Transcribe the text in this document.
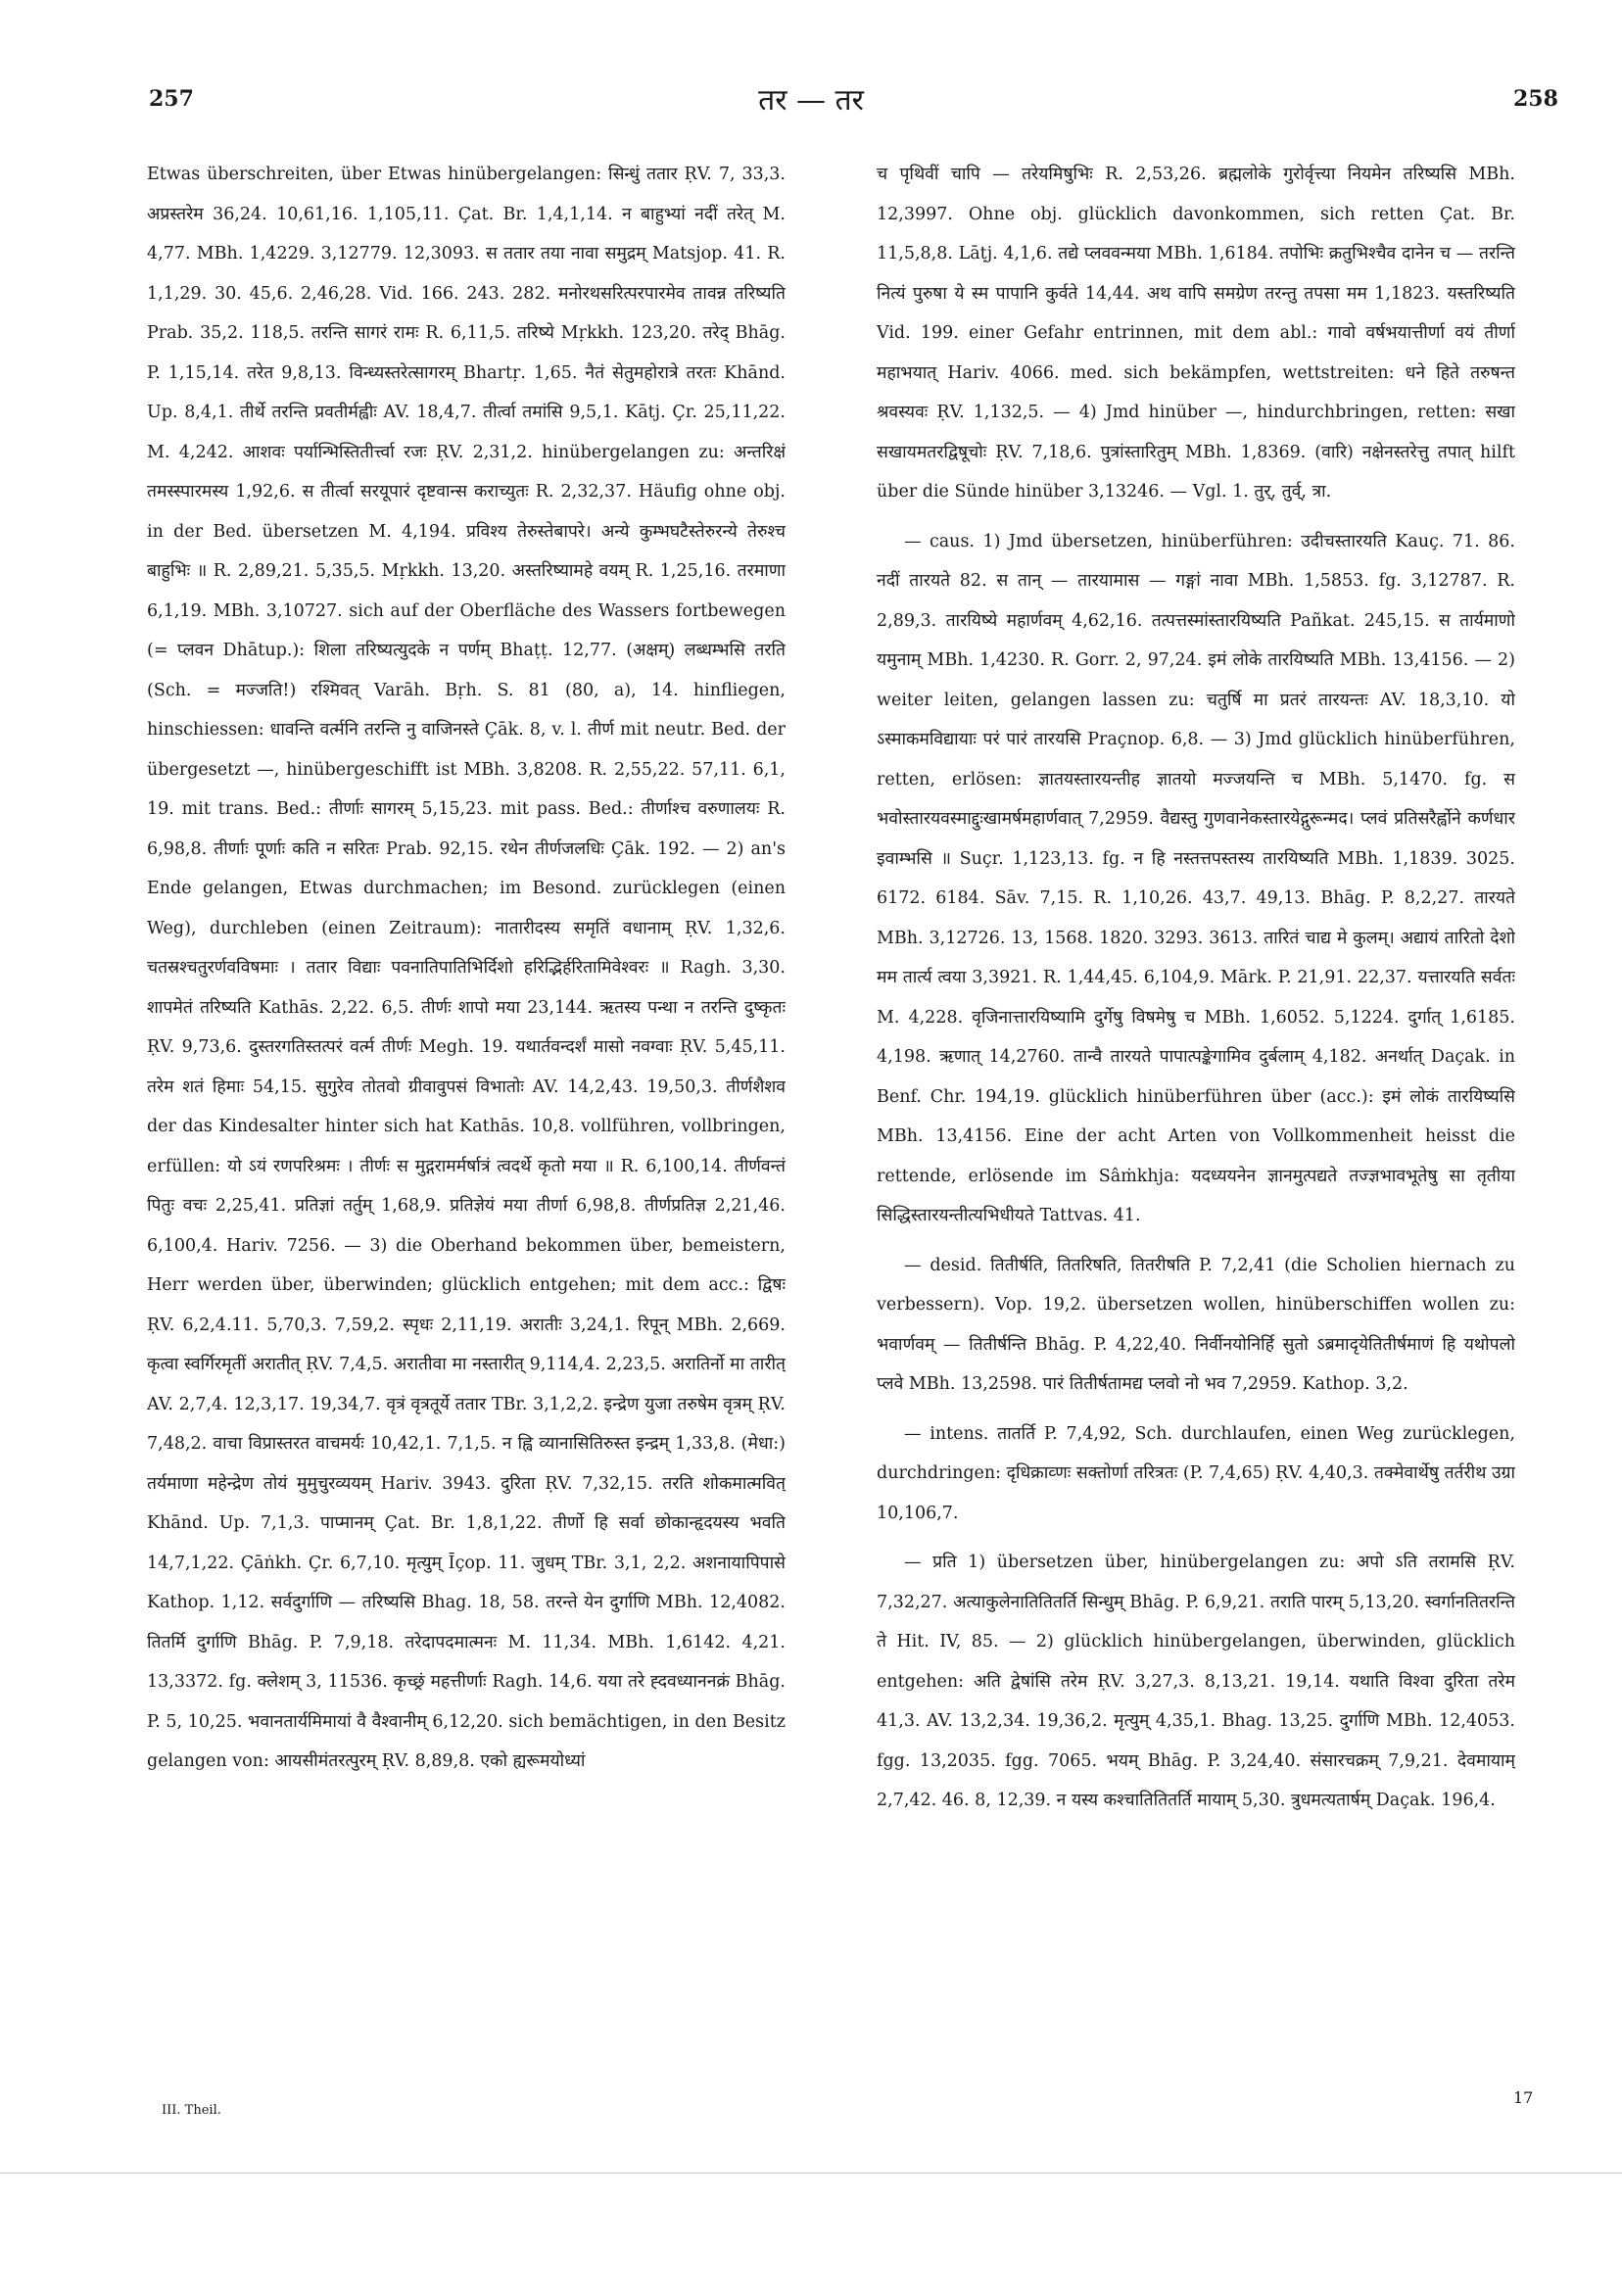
257	तर — तर	258

Etwas überschreiten, über Etwas hinübergelangen: सिन्धुं ततार ṚV. 7, 33,3. अप्रस्तरेम 36,24. 10,61,16. 1,105,11. Çat. Br. 1,4,1,14. न बाहुभ्यां नदीं तरेत् M. 4,77. MBh. 1,4229. 3,12779. 12,3093. स ततार तया नावा समुद्रम् Matsjop. 41. R. 1,1,29. 30. 45,6. 2,46,28. Vid. 166. 243. 282. मनोरथसरित्परपारमेव तावन्न तरिष्यति Prab. 35,2. 118,5. तरन्ति सागरं रामः R. 6,11,5. तरिष्ये Mṛkkh. 123,20. तरेद् Bhāg. P. 1,15,14. तरेत 9,8,13. विन्ध्यस्तरेत्सागरम् Bhartṛ. 1,65. नैतं सेतुमहोरात्रे तरतः Khānd. Up. 8,4,1. तीर्थे तरन्ति प्रवतीर्मह्वीः AV. 18,4,7. तीर्त्वा तमांसि 9,5,1. Kātj. Çr. 25,11,22. M. 4,242. आशवः पर्यान्भिस्तितीर्त्त्वा रजः ṚV. 2,31,2. hinübergelangen zu: अन्तरिक्षं तमस्स्पारमस्य 1,92,6. स तीर्त्वा सरयूपारं दृष्टवान्स कराच्युतः R. 2,32,37. Häufig ohne obj. in der Bed. übersetzen M. 4,194. प्रविश्य तेरुस्तेबापरे। अन्ये कुम्भघटैस्तेरुरन्ये तेरुश्च बाहुभिः ॥ R. 2,89,21. 5,35,5. Mṛkkh. 13,20. अस्तरिष्यामहे वयम् R. 1,25,16. तरमाणा 6,1,19. MBh. 3,10727. sich auf der Oberfläche des Wassers fortbewegen (= प्लवन Dhātup.): शिला तरिष्यत्युदके न पर्णम् Bhaṭṭ. 12,77. (अक्षम्) लब्धम्भसि तरति (Sch. = मज्जति!) रश्मिवत् Varāh. Bṛh. S. 81 (80, a), 14. hinfliegen, hinschiessen: धावन्ति वर्त्मनि तरन्ति नु वाजिनस्ते Çāk. 8, v. l. तीर्ण mit neutr. Bed. der übergesetzt —, hinübergeschifft ist MBh. 3,8208. R. 2,55,22. 57,11. 6,1, 19. mit trans. Bed.: तीर्णाः सागरम् 5,15,23. mit pass. Bed.: तीर्णाश्च वरुणालयः R. 6,98,8. तीर्णाः पूर्णाः कति न सरितः Prab. 92,15. रथेन तीर्णजलधिः Çāk. 192. — 2) an's Ende gelangen, Etwas durchmachen; im Besond. zurücklegen (einen Weg), durchleben (einen Zeitraum): नातारीदस्य समृतिं वधानाम् ṚV. 1,32,6. चतस्रश्चतुरर्णवविषमाः । ततार विद्याः पवनातिपातिभिर्दिशो हरिद्भिर्हरितामिवेश्वरः ॥ Ragh. 3,30. शापमेतं तरिष्यति Kathās. 2,22. 6,5. तीर्णः शापो मया 23,144. ऋतस्य पन्था न तरन्ति दुष्कृतः ṚV. 9,73,6. दुस्तरगतिस्तत्परं वर्त्म तीर्णः Megh. 19. यथार्तवन्दर्शं मासो नवग्वाः ṚV. 5,45,11. तरेम शतं हिमाः 54,15. सुगुरेव तोतवो ग्रीवावुपसं विभातोः AV. 14,2,43. 19,50,3. तीर्णशैशव der das Kindesalter hinter sich hat Kathās. 10,8. vollführen, vollbringen, erfüllen: यो ऽयं रणपरिश्रमः । तीर्णः स मुद्गरामर्मर्षात्रं त्वदर्थे कृतो मया ॥ R. 6,100,14. तीर्णवन्तं पितुः वचः 2,25,41. प्रतिज्ञां तर्तुम् 1,68,9. प्रतिज्ञेयं मया तीर्णा 6,98,8. तीर्णप्रतिज्ञ 2,21,46. 6,100,4. Hariv. 7256. — 3) die Oberhand bekommen über, bemeistern, Herr werden über, überwinden; glücklich entgehen; mit dem acc.: द्विषः ṚV. 6,2,4.11. 5,70,3. 7,59,2. स्पृधः 2,11,19. अरातीः 3,24,1. रिपून् MBh. 2,669. कृत्वा स्वर्गिरमृतीं अरातीत् ṚV. 7,4,5. अरातीवा मा नस्तारीत् 9,114,4. 2,23,5. अरातिर्नो मा तारीत् AV. 2,7,4. 12,3,17. 19,34,7. वृत्रं वृत्रतूर्ये ततार TBr. 3,1,2,2. इन्द्रेण युजा तरुषेम वृत्रम् ṚV. 7,48,2. वाचा विप्रास्तरत वाचमर्यः 10,42,1. 7,1,5. न ह्वि व्यानासितिरुस्त इन्द्रम् 1,33,8. (मेधा:) तर्यमाणा महेन्द्रेण तोयं मुमुचुरव्ययम् Hariv. 3943. दुरिता ṚV. 7,32,15. तरति शोकमात्मवित् Khānd. Up. 7,1,3. पाप्मानम् Çat. Br. 1,8,1,22. तीर्णो हि सर्वा छोकान्हृदयस्य भवति 14,7,1,22. Çāṅkh. Çr. 6,7,10. मृत्युम् Īçop. 11. जुधम् TBr. 3,1, 2,2. अशनायापिपासे Kathop. 1,12. सर्वदुर्गाणि — तरिष्यसि Bhag. 18, 58. तरन्ते येन दुर्गाणि MBh. 12,4082. तितर्मि दुर्गाणि Bhāg. P. 7,9,18. तरेदापदमात्मनः M. 11,34. MBh. 1,6142. 4,21. 13,3372. fg. क्लेशम् 3, 11536. कृच्छ्रं महत्तीर्णाः Ragh. 14,6. यया तरे ह्दवध्याननक्रं Bhāg. P. 5, 10,25. भवानतार्यमिमायां वै वैश्वानीम् 6,12,20. sich bemächtigen, in den Besitz gelangen von: आयसीमंतरत्पुरम् ṚV. 8,89,8. एको ह्यरूमयोध्यां

च पृथिवीं चापि — तरेयमिषुभिः R. 2,53,26. ब्रह्मलोके गुरोर्वृत्त्या नियमेन तरिष्यसि MBh. 12,3997. Ohne obj. glücklich davonkommen, sich retten Çat. Br. 11,5,8,8. Lāṭj. 4,1,6. तद्ये प्लववन्मया MBh. 1,6184. तपोभिः क्रतुभिश्चैव दानेन च — तरन्ति नित्यं पुरुषा ये स्म पापानि कुर्वते 14,44. अथ वापि समग्रेण तरन्तु तपसा मम 1,1823. यस्तरिष्यति Vid. 199. einer Gefahr entrinnen, mit dem abl.: गावो वर्षभयात्तीर्णा वयं तीर्णा महाभयात् Hariv. 4066. med. sich bekämpfen, wettstreiten: धने हिते तरुषन्त श्रवस्यवः ṚV. 1,132,5. — 4) Jmd hinüber —, hindurchbringen, retten: सखा सखायमतरद्विषूचोः ṚV. 7,18,6. पुत्रांस्तारितुम् MBh. 1,8369. (वारि) नक्षेनस्तरेत्तु तपात् hilft über die Sünde hinüber 3,13246. — Vgl. 1. तुर्, तुर्व्, त्रा.

— caus. 1) Jmd übersetzen, hinüberführen: उदीचस्तारयति Kauç. 71. 86. नदीं तारयते 82. स तान् — तारयामास — गङ्गां नावा MBh. 1,5853. fg. 3,12787. R. 2,89,3. तारयिष्ये महार्णवम् 4,62,16. तत्पत्तस्मांस्तारयिष्यति Pañkat. 245,15. स तार्यमाणो यमुनाम् MBh. 1,4230. R. Gorr. 2, 97,24. इमं लोके तारयिष्यति MBh. 13,4156. — 2) weiter leiten, gelangen lassen zu: चतुर्षि मा प्रतरं तारयन्तः AV. 18,3,10. यो ऽस्माकमविद्यायाः परं पारं तारयसि Praçnop. 6,8. — 3) Jmd glücklich hinüberführen, retten, erlösen: ज्ञातयस्तारयन्तीह ज्ञातयो मज्जयन्ति च MBh. 5,1470. fg. स भवोस्तारयवस्माद्दुःखामर्षमहार्णवात् 7,2959. वैद्यस्तु गुणवानेकस्तारयेद्गुरून्मद। प्लवं प्रतिसरैर्ह्वोने कर्णधार इवाम्भसि ॥ Suçr. 1,123,13. fg. न हि नस्तत्तपस्तस्य तारयिष्यति MBh. 1,1839. 3025. 6172. 6184. Sāv. 7,15. R. 1,10,26. 43,7. 49,13. Bhāg. P. 8,2,27. तारयते MBh. 3,12726. 13, 1568. 1820. 3293. 3613. तारितं चाद्य मे कुलम्। अद्यायं तारितो देशो मम तार्त्य त्वया 3,3921. R. 1,44,45. 6,104,9. Mārk. P. 21,91. 22,37. यत्तारयति सर्वतः M. 4,228. वृजिनात्तारयिष्यामि दुर्गेषु विषमेषु च MBh. 1,6052. 5,1224. दुर्गात् 1,6185. 4,198. ऋणात् 14,2760. तान्वै तारयते पापात्पङ्केगामिव दुर्बलाम् 4,182. अनर्थात् Daçak. in Benf. Chr. 194,19. glücklich hinüberführen über (acc.): इमं लोकं तारयिष्यसि MBh. 13,4156. Eine der acht Arten von Vollkommenheit heisst die rettende, erlösende im Sâṁkhja: यदध्ययनेन ज्ञानमुत्पद्यते तज्ज्ञभावभूतेषु सा तृतीया सिद्धिस्तारयन्तीत्यभिधीयते Tattvas. 41.

— desid. तितीर्षति, तितरिषति, तितरीषति P. 7,2,41 (die Scholien hiernach zu verbessern). Vop. 19,2. übersetzen wollen, hinüberschiffen wollen zu: भवार्णवम् — तितीर्षन्ति Bhāg. P. 4,22,40. निर्वीनयोनिर्हि सुतो ऽब्रमादृयेतितीर्षमाणं हि यथोपलो प्लवे MBh. 13,2598. पारं तितीर्षतामद्य प्लवो नो भव 7,2959. Kathop. 3,2.

— intens. तातर्ति P. 7,4,92, Sch. durchlaufen, einen Weg zurücklegen, durchdringen: दृधिक्राव्णः सक्तोर्णा तरित्रतः (P. 7,4,65) ṚV. 4,40,3. तक्मेवार्थेषु तर्तरीथ उग्रा 10,106,7.

— प्रति 1) übersetzen über, hinübergelangen zu: अपो ऽति तरामसि ṚV. 7,32,27. अत्याकुलेनातितितर्ति सिन्धुम् Bhāg. P. 6,9,21. तराति पारम् 5,13,20. स्वर्गानतितरन्ति ते Hit. IV, 85. — 2) glücklich hinübergelangen, überwinden, glücklich entgehen: अति द्वेषांसि तरेम ṚV. 3,27,3. 8,13,21. 19,14. यथाति विश्वा दुरिता तरेम 41,3. AV. 13,2,34. 19,36,2. मृत्युम् 4,35,1. Bhag. 13,25. दुर्गाणि MBh. 12,4053. fgg. 13,2035. fgg. 7065. भयम् Bhāg. P. 3,24,40. संसारचक्रम् 7,9,21. देवमायाम् 2,7,42. 46. 8, 12,39. न यस्य कश्चातितितर्ति मायाम् 5,30. त्रुधमत्यतार्षम् Daçak. 196,4.

III. Theil.
17
